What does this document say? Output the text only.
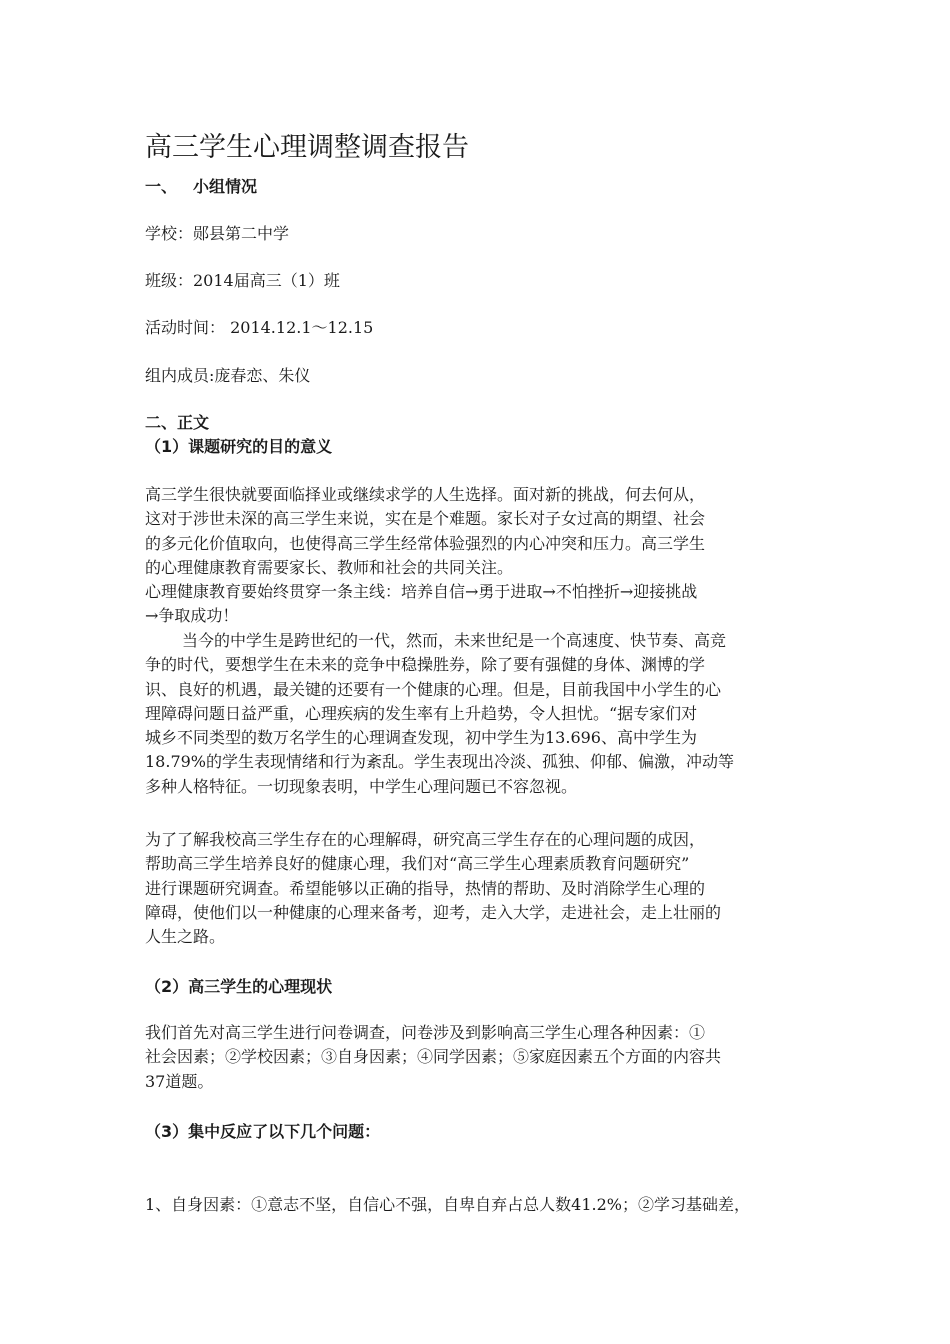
高三学生心理调整调查报告
一、 小组情况
学校：郧县第二中学
班级：2014届高三（1）班
活动时间： 2014.12.1～12.15
组内成员:庞春恋、朱仪
二、正文
（1）课题研究的目的意义
高三学生很快就要面临择业或继续求学的人生选择。面对新的挑战，何去何从，
这对于涉世未深的高三学生来说，实在是个难题。家长对子女过高的期望、社会
的多元化价值取向，也使得高三学生经常体验强烈的内心冲突和压力。高三学生
的心理健康教育需要家长、教师和社会的共同关注。
心理健康教育要始终贯穿一条主线：培养自信→勇于进取→不怕挫折→迎接挑战
→争取成功！
当今的中学生是跨世纪的一代，然而，未来世纪是一个高速度、快节奏、高竞
争的时代，要想学生在未来的竞争中稳操胜券，除了要有强健的身体、渊博的学
识、良好的机遇，最关键的还要有一个健康的心理。但是，目前我国中小学生的心
理障碍问题日益严重，心理疾病的发生率有上升趋势，令人担忧。“据专家们对
城乡不同类型的数万名学生的心理调查发现，初中学生为13.696、高中学生为
18.79%的学生表现情绪和行为紊乱。学生表现出冷淡、孤独、仰郁、偏激，冲动等
多种人格特征。一切现象表明，中学生心理问题已不容忽视。
为了了解我校高三学生存在的心理解碍，研究高三学生存在的心理问题的成因，
帮助高三学生培养良好的健康心理，我们对“高三学生心理素质教育问题研究”
进行课题研究调查。希望能够以正确的指导，热情的帮助、及时消除学生心理的
障碍，使他们以一种健康的心理来备考，迎考，走入大学，走进社会，走上壮丽的
人生之路。
（2）高三学生的心理现状
我们首先对高三学生进行问卷调查，问卷涉及到影响高三学生心理各种因素：①
社会因素；②学校因素；③自身因素；④同学因素；⑤家庭因素五个方面的内容共
37道题。
（3）集中反应了以下几个问题：
1、自身因素：①意志不坚，自信心不强，自卑自弃占总人数41.2%；②学习基础差，
